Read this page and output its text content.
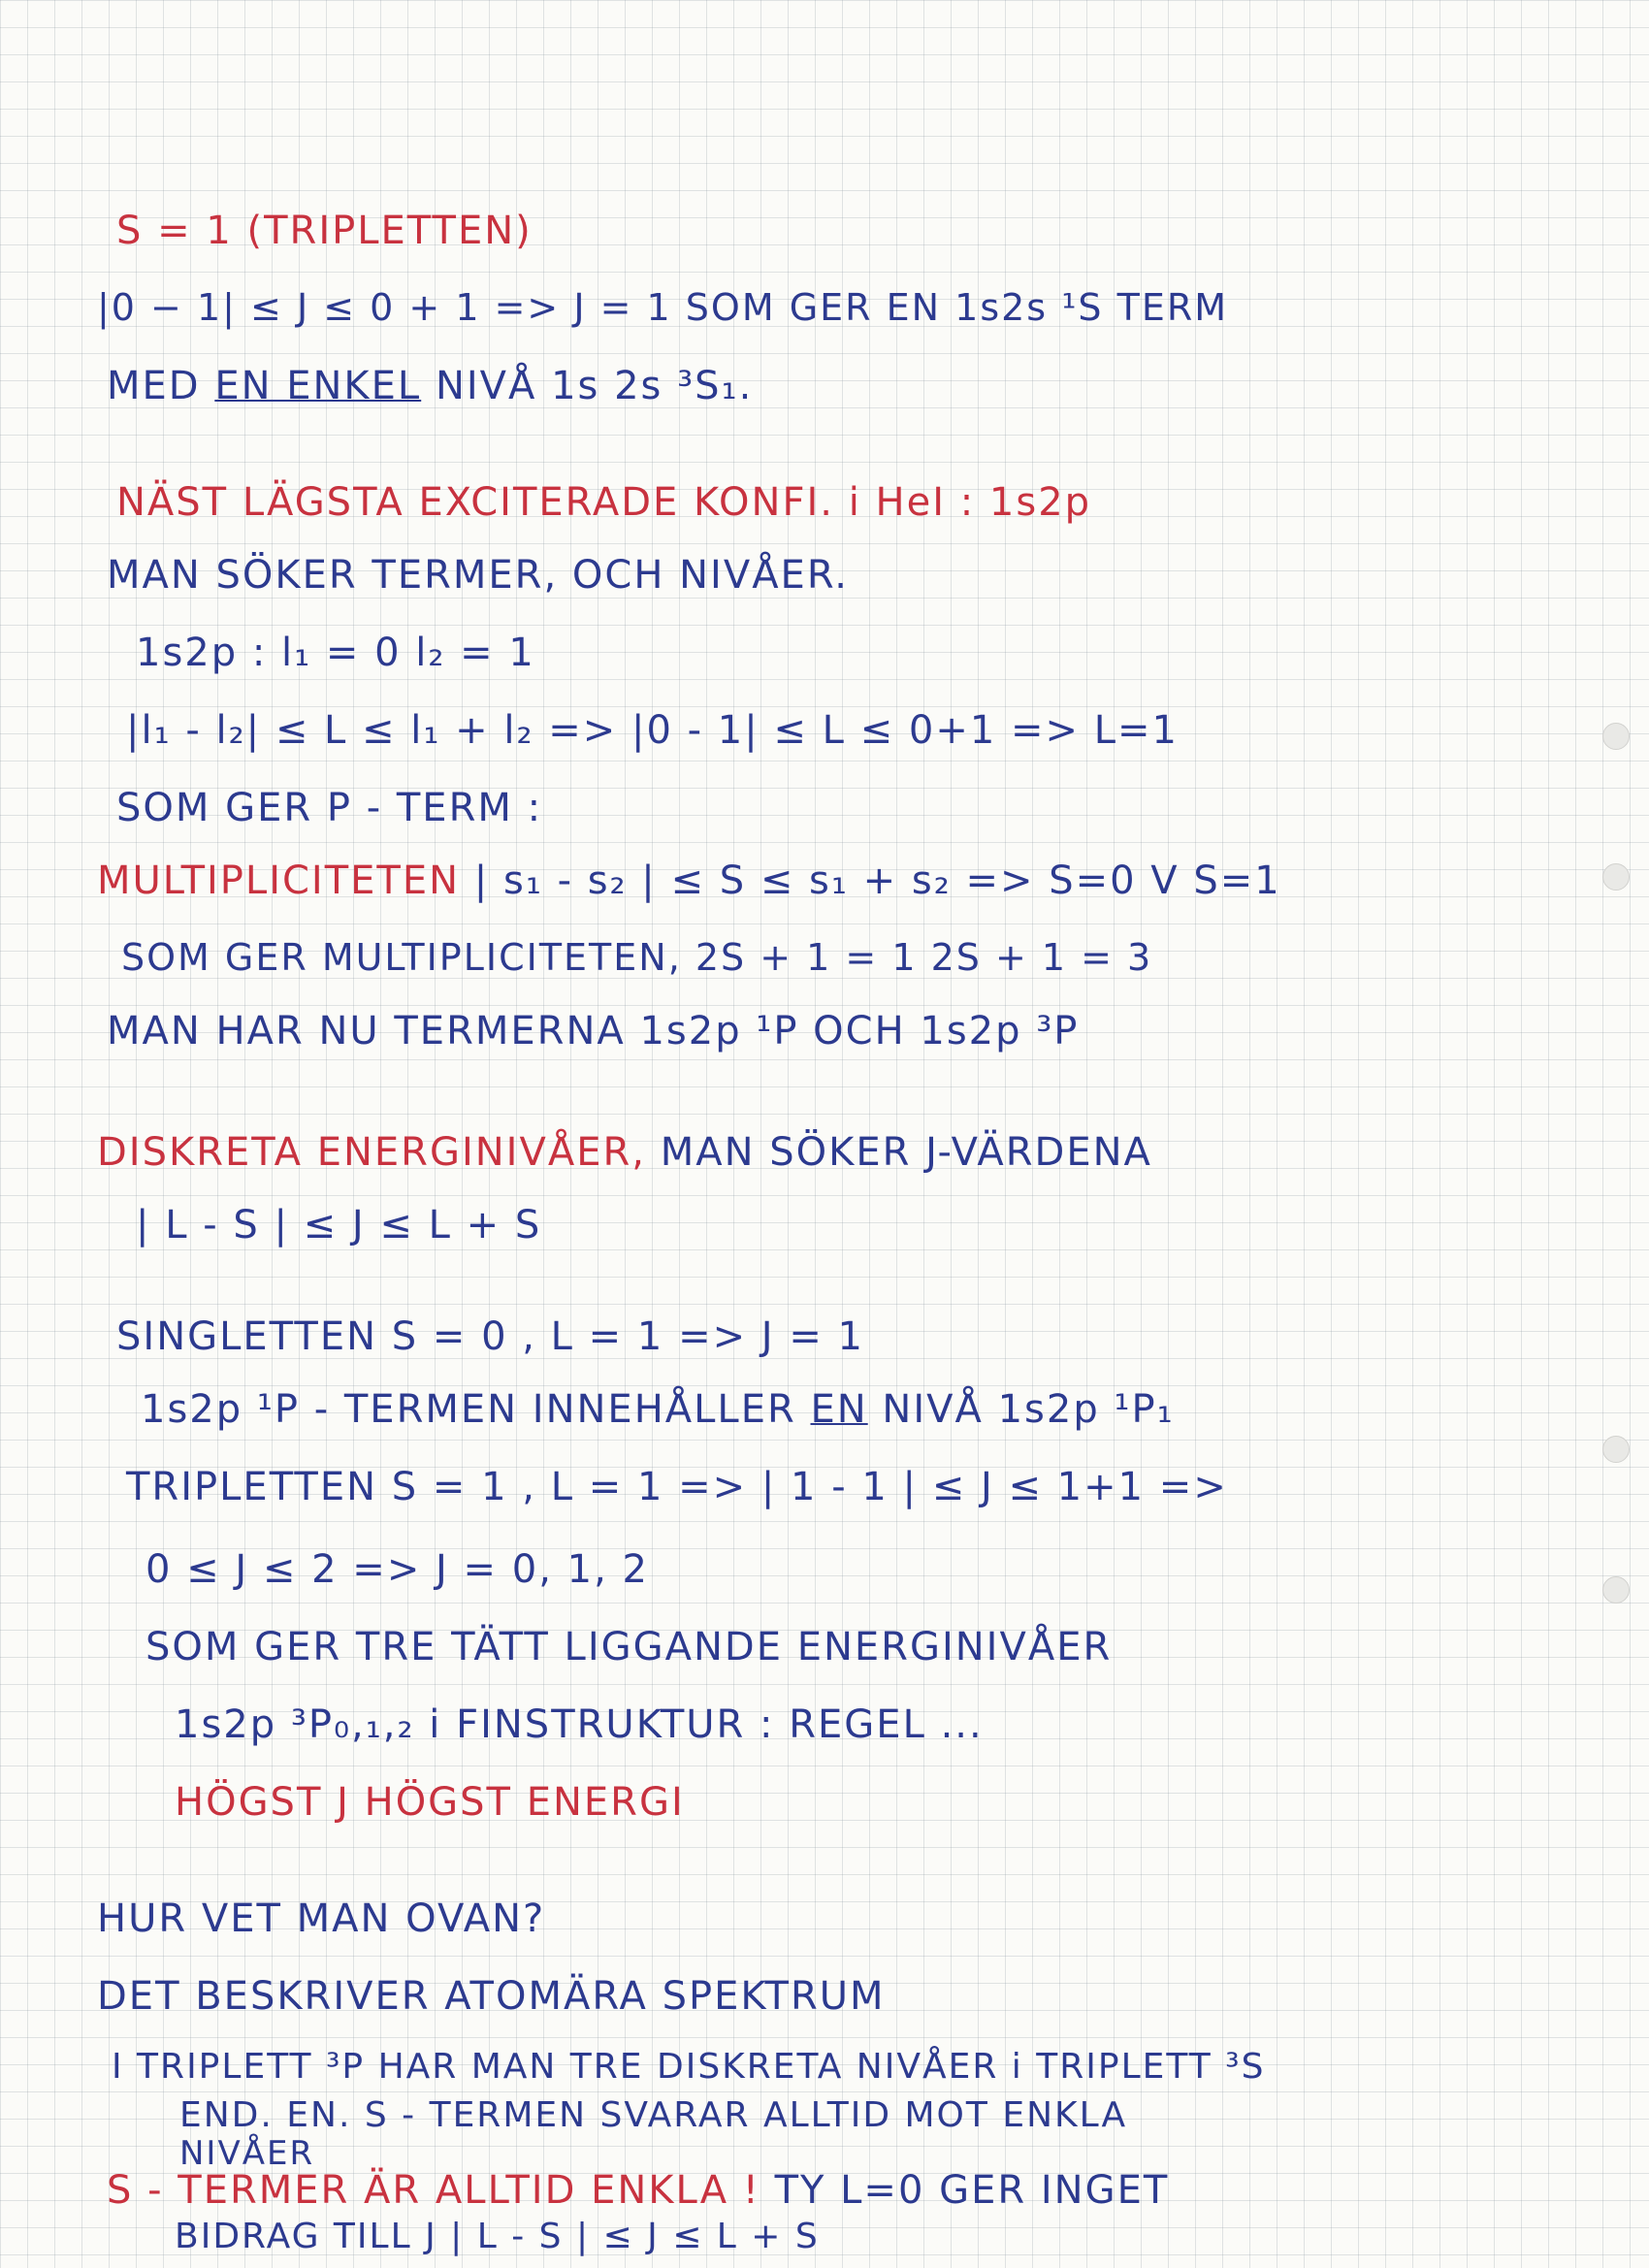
S = 1 (TRIPLETTEN)
|0 − 1| ≤ J ≤ 0 + 1 => J = 1 SOM GER EN 1s2s ¹S TERM
MED EN ENKEL NIVÅ 1s 2s ³S₁.
NÄST LÄGSTA EXCITERADE KONFI. i HeI : 1s2p
MAN SÖKER TERMER, OCH NIVÅER.
1s2p : l₁ = 0 l₂ = 1
|l₁ - l₂| ≤ L ≤ l₁ + l₂ => |0 - 1| ≤ L ≤ 0+1 => L=1
SOM GER P - TERM :
MULTIPLICITETEN | s₁ - s₂ | ≤ S ≤ s₁ + s₂ => S=0 V S=1
SOM GER MULTIPLICITETEN, 2S + 1 = 1 2S + 1 = 3
MAN HAR NU TERMERNA 1s2p ¹P OCH 1s2p ³P
DISKRETA ENERGINIVÅER, MAN SÖKER J-VÄRDENA
| L - S | ≤ J ≤ L + S
SINGLETTEN S = 0 , L = 1 => J = 1
1s2p ¹P - TERMEN INNEHÅLLER EN NIVÅ 1s2p ¹P₁
TRIPLETTEN S = 1 , L = 1 => | 1 - 1 | ≤ J ≤ 1+1 =>
0 ≤ J ≤ 2 => J = 0, 1, 2
SOM GER TRE TÄTT LIGGANDE ENERGINIVÅER
1s2p ³P₀,₁,₂ i FINSTRUKTUR : REGEL ...
HÖGST J HÖGST ENERGI
HUR VET MAN OVAN?
DET BESKRIVER ATOMÄRA SPEKTRUM
I TRIPLETT ³P HAR MAN TRE DISKRETA NIVÅER i TRIPLETT ³S
END. EN. S - TERMEN SVARAR ALLTID MOT ENKLA
NIVÅER
S - TERMER ÄR ALLTID ENKLA ! TY L=0 GER INGET
BIDRAG TILL J | L - S | ≤ J ≤ L + S
